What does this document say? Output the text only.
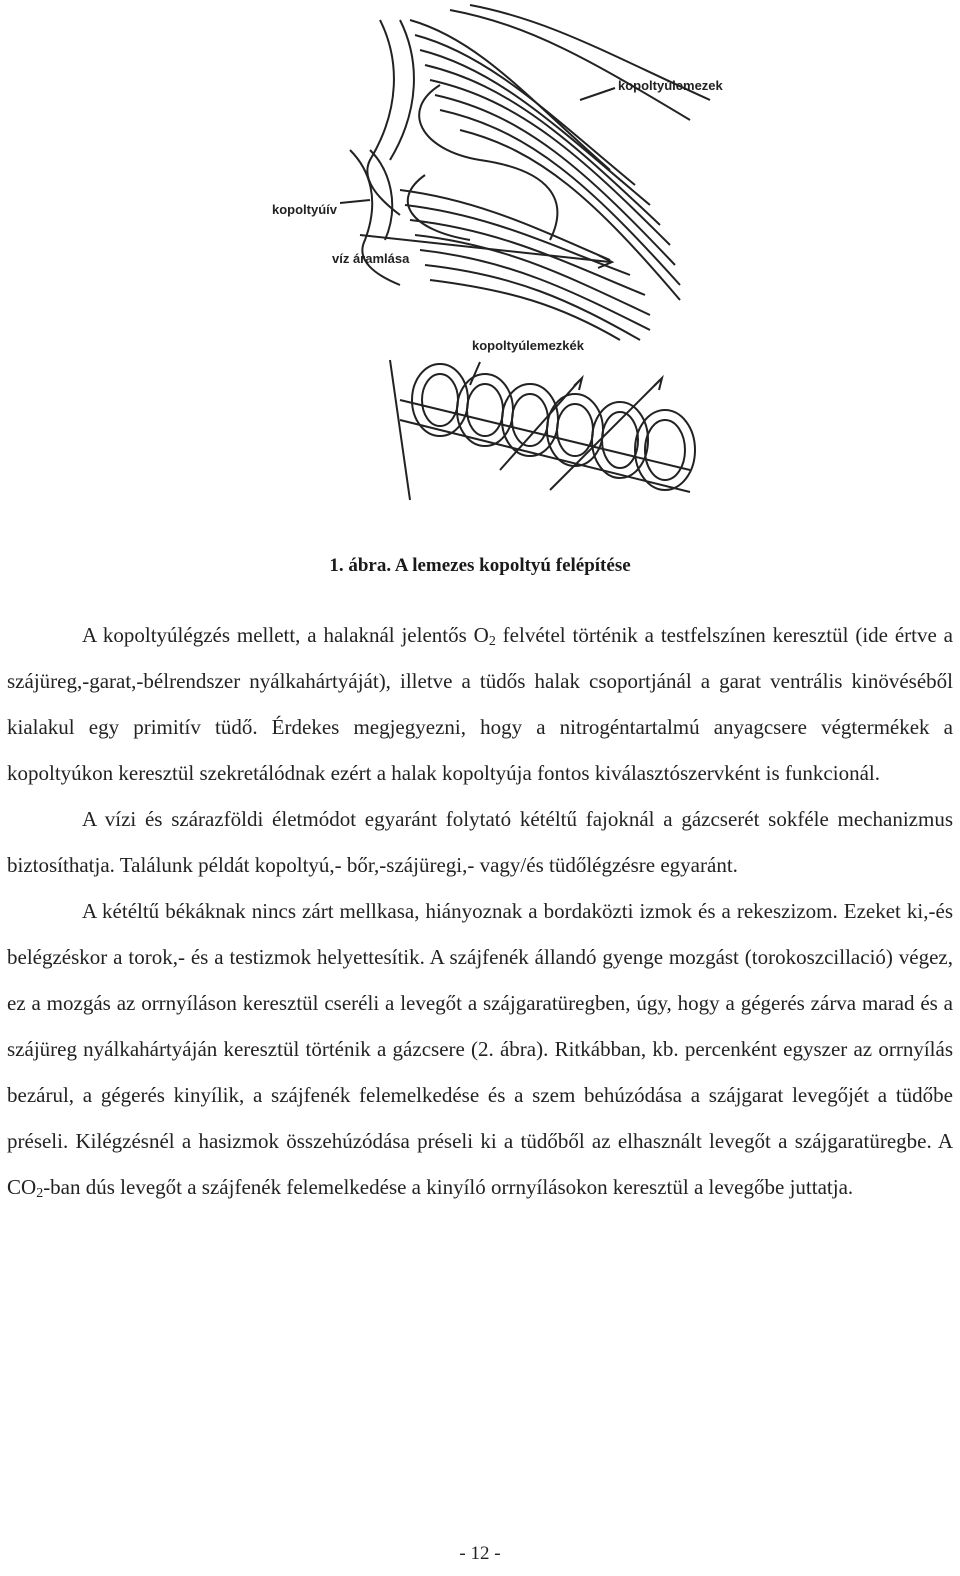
kopoltyúlemezek
kopoltyúív
víz áramlása
kopoltyúlemezkék
1. ábra. A lemezes kopoltyú felépítése

A kopoltyúlégzés mellett, a halaknál jelentős $O_2$ felvétel történik a testfelszínen keresztül (ide értve a szájüreg,-garat,-bélrendszer nyálkahártyáját), illetve a tüdős halak csoportjánál a garat ventrális kinövéséből kialakul egy primitív tüdő. Érdekes megjegyezni, hogy a nitrogéntartalmú anyagcsere végtermékek a kopoltyúkon keresztül szekretálódnak ezért a halak kopoltyúja fontos kiválasztószervként is funkcionál.

A vízi és szárazföldi életmódot egyaránt folytató kétéltű fajoknál a gázcserét sokféle mechanizmus biztosíthatja. Találunk példát kopoltyú,- bőr,-szájüregi,- vagy/és tüdőlégzésre egyaránt.

A kétéltű békáknak nincs zárt mellkasa, hiányoznak a bordaközti izmok és a rekeszizom. Ezeket ki,-és belégzéskor a torok,- és a testizmok helyettesítik. A szájfenék állandó gyenge mozgást (torokoszcillació) végez, ez a mozgás az orrnyíláson keresztül cseréli a levegőt a szájgaratüregben, úgy, hogy a gégerés zárva marad és a szájüreg nyálkahártyáján keresztül történik a gázcsere (2. ábra). Ritkábban, kb. percenként egyszer az orrnyílás bezárul, a gégerés kinyílik, a szájfenék felemelkedése és a szem behúzódása a szájgarat levegőjét a tüdőbe préseli. Kilégzésnél a hasizmok összehúzódása préseli ki a tüdőből az elhasznált levegőt a szájgaratüregbe. A $CO_2$-ban dús levegőt a szájfenék felemelkedése a kinyíló orrnyílásokon keresztül a levegőbe juttatja.

- 12 -
